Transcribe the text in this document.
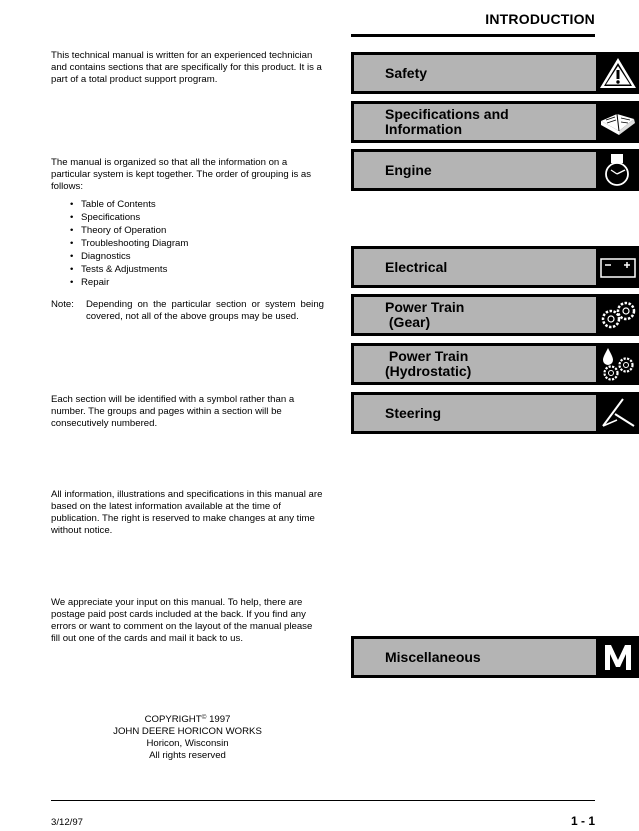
INTRODUCTION

This technical manual is written for an experienced technician and contains sections that are specifically for this product. It is a part of a total product support program.

The manual is organized so that all the information on a particular system is kept together. The order of grouping is as follows:

• Table of Contents
• Specifications
• Theory of Operation
• Troubleshooting Diagram
• Diagnostics
• Tests & Adjustments
• Repair
Note:	Depending on the particular section or system being covered, not all of the above groups may be used.

Each section will be identified with a symbol rather than a number. The groups and pages within a section will be consecutively numbered.

All information, illustrations and specifications in this manual are based on the latest information available at the time of publication. The right is reserved to make changes at any time without notice.

We appreciate your input on this manual. To help, there are postage paid post cards included at the back. If you find any errors or want to comment on the layout of the manual please fill out one of the cards and mail it back to us.

COPYRIGHT© 1997
JOHN DEERE HORICON WORKS
Horicon, Wisconsin
All rights reserved
Safety
Specifications and
Information
Engine
Electrical
Power Train
(Gear)
Power Train
(Hydrostatic)
Steering
Miscellaneous
3/12/97	1 - 1
